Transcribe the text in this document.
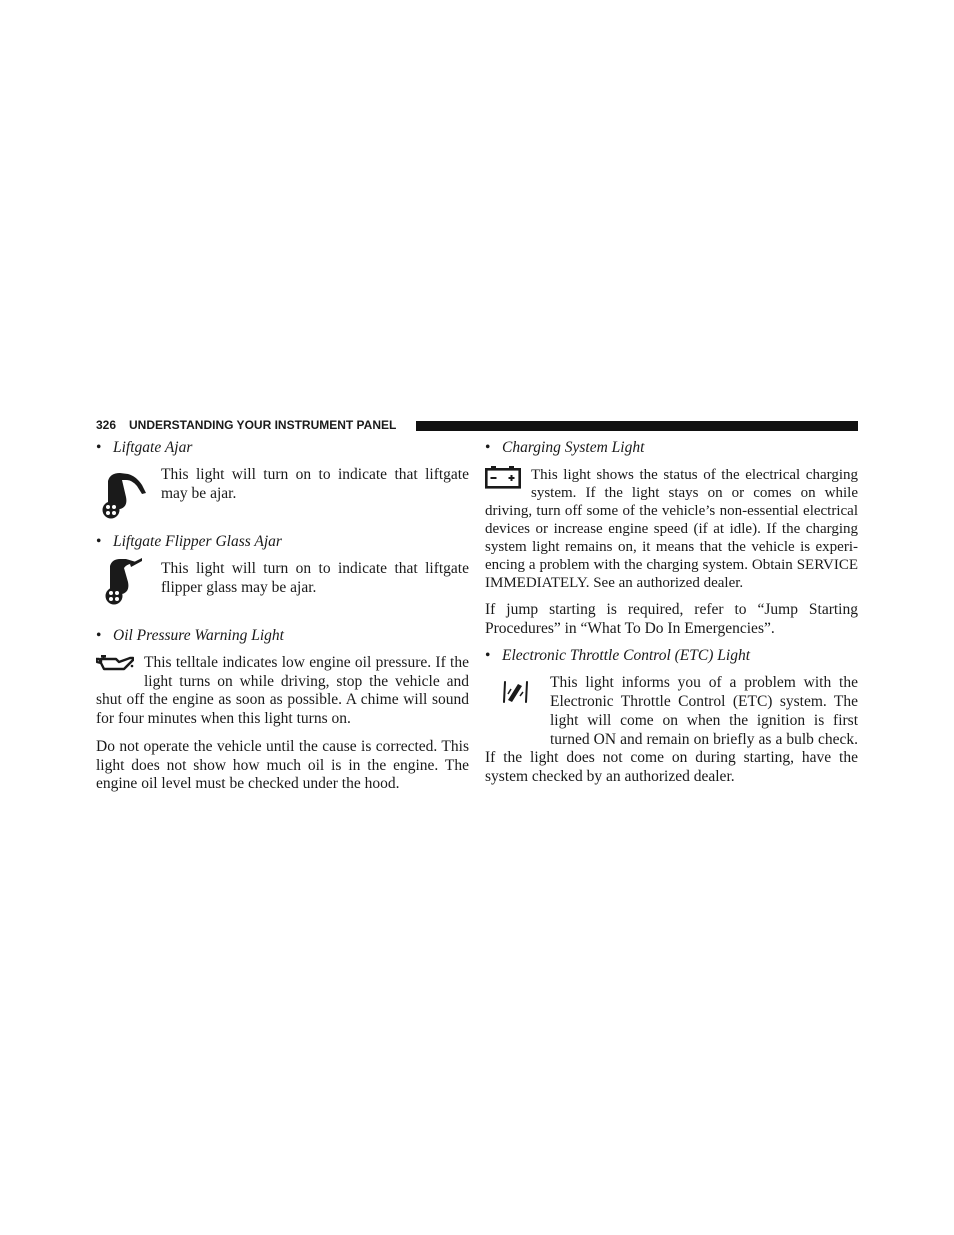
326 UNDERSTANDING YOUR INSTRUMENT PANEL
• Liftgate Ajar

This light will turn on to indicate that liftgate may be ajar.

• Liftgate Flipper Glass Ajar

This light will turn on to indicate that liftgate flipper glass may be ajar.

• Oil Pressure Warning Light

This telltale indicates low engine oil pressure. If the light turns on while driving, stop the vehicle and shut off the engine as soon as possible. A chime will sound for four minutes when this light turns on.

Do not operate the vehicle until the cause is corrected. This light does not show how much oil is in the engine. The engine oil level must be checked under the hood.

• Charging System Light

This light shows the status of the electrical charging system. If the light stays on or comes on while driving, turn off some of the vehicle’s non-essential electrical devices or increase engine speed (if at idle). If the charging system light remains on, it means that the vehicle is experiencing a problem with the charging system. Obtain SERVICE IMMEDIATELY. See an authorized dealer.

If jump starting is required, refer to “Jump Starting Procedures” in “What To Do In Emergencies”.

• Electronic Throttle Control (ETC) Light

This light informs you of a problem with the Electronic Throttle Control (ETC) system. The light will come on when the ignition is first turned ON and remain on briefly as a bulb check. If the light does not come on during starting, have the system checked by an authorized dealer.
